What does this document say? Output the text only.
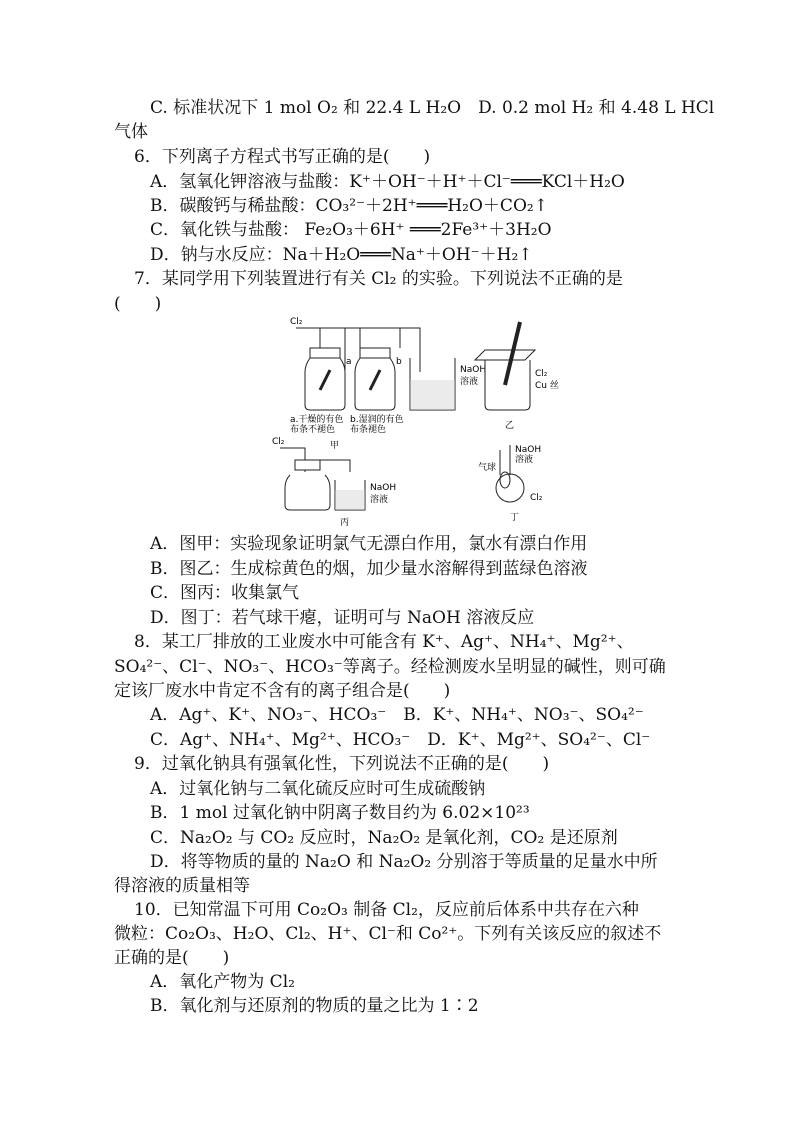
C. 标准状况下 1 mol O₂ 和 22.4 L H₂O　D. 0.2 mol H₂ 和 4.48 L HCl
气体
6．下列离子方程式书写正确的是(　　)
A．氢氧化钾溶液与盐酸：K⁺＋OH⁻＋H⁺＋Cl⁻═══KCl＋H₂O
B．碳酸钙与稀盐酸：CO₃²⁻＋2H⁺═══H₂O＋CO₂↑
C．氧化铁与盐酸： Fe₂O₃＋6H⁺ ═══2Fe³⁺＋3H₂O
D．钠与水反应：Na＋H₂O═══Na⁺＋OH⁻＋H₂↑
7．某同学用下列装置进行有关 Cl₂ 的实验。下列说法不正确的是
(　　)
Cl₂
a	b
NaOH
溶液
a.干燥的有色
布条不褪色
b.湿润的有色
布条褪色
甲
Cl₂
Cu 丝
乙
Cl₂
NaOH
溶液
丙
NaOH
溶液
气球
Cl₂
丁
A．图甲：实验现象证明氯气无漂白作用，氯水有漂白作用
B．图乙：生成棕黄色的烟，加少量水溶解得到蓝绿色溶液
C．图丙：收集氯气
D．图丁：若气球干瘪，证明可与 NaOH 溶液反应
8．某工厂排放的工业废水中可能含有 K⁺、Ag⁺、NH₄⁺、Mg²⁺、
SO₄²⁻、Cl⁻、NO₃⁻、HCO₃⁻等离子。经检测废水呈明显的碱性，则可确
定该厂废水中肯定不含有的离子组合是(　　)
A．Ag⁺、K⁺、NO₃⁻、HCO₃⁻　B．K⁺、NH₄⁺、NO₃⁻、SO₄²⁻
C．Ag⁺、NH₄⁺、Mg²⁺、HCO₃⁻　D．K⁺、Mg²⁺、SO₄²⁻、Cl⁻
9．过氧化钠具有强氧化性，下列说法不正确的是(　　)
A．过氧化钠与二氧化硫反应时可生成硫酸钠
B．1 mol 过氧化钠中阴离子数目约为 6.02×10²³
C．Na₂O₂ 与 CO₂ 反应时，Na₂O₂ 是氧化剂，CO₂ 是还原剂
D．将等物质的量的 Na₂O 和 Na₂O₂ 分别溶于等质量的足量水中所
得溶液的质量相等
10．已知常温下可用 Co₂O₃ 制备 Cl₂，反应前后体系中共存在六种
微粒：Co₂O₃、H₂O、Cl₂、H⁺、Cl⁻和 Co²⁺。下列有关该反应的叙述不
正确的是(　　)
A．氧化产物为 Cl₂
B．氧化剂与还原剂的物质的量之比为 1∶2
